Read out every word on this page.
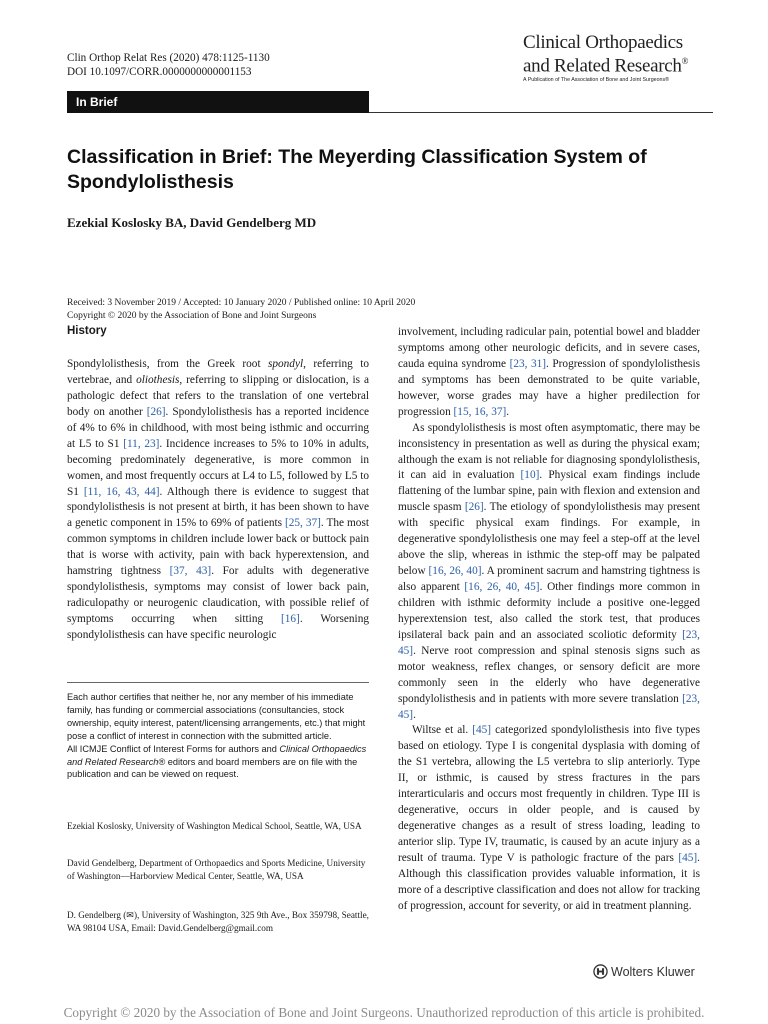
Clin Orthop Relat Res (2020) 478:1125-1130
DOI 10.1097/CORR.0000000000001153
Clinical Orthopaedics
and Related Research®
A Publication of The Association of Bone and Joint Surgeons®
In Brief
Classification in Brief: The Meyerding Classification System of Spondylolisthesis
Ezekial Koslosky BA, David Gendelberg MD
Received: 3 November 2019 / Accepted: 10 January 2020 / Published online: 10 April 2020
Copyright © 2020 by the Association of Bone and Joint Surgeons
History

Spondylolisthesis, from the Greek root spondyl, referring to vertebrae, and oliothesis, referring to slipping or dislocation, is a pathologic defect that refers to the translation of one vertebral body on another [26]. Spondylolisthesis has a reported incidence of 4% to 6% in childhood, with most being isthmic and occurring at L5 to S1 [11, 23]. Incidence increases to 5% to 10% in adults, becoming predominately degenerative, is more common in women, and most frequently occurs at L4 to L5, followed by L5 to S1 [11, 16, 43, 44]. Although there is evidence to suggest that spondylolisthesis is not present at birth, it has been shown to have a genetic component in 15% to 69% of patients [25, 37]. The most common symptoms in children include lower back or buttock pain that is worse with activity, pain with back hyperextension, and hamstring tightness [37, 43]. For adults with degenerative spondylolisthesis, symptoms may consist of lower back pain, radiculopathy or neurogenic claudication, with possible relief of symptoms occurring when sitting [16]. Worsening spondylolisthesis can have specific neurologic

Each author certifies that neither he, nor any member of his immediate family, has funding or commercial associations (consultancies, stock ownership, equity interest, patent/licensing arrangements, etc.) that might pose a conflict of interest in connection with the submitted article.
All ICMJE Conflict of Interest Forms for authors and Clinical Orthopaedics and Related Research® editors and board members are on file with the publication and can be viewed on request.
Ezekial Koslosky, University of Washington Medical School, Seattle, WA, USA
David Gendelberg, Department of Orthopaedics and Sports Medicine, University of Washington—Harborview Medical Center, Seattle, WA, USA
D. Gendelberg (✉), University of Washington, 325 9th Ave., Box 359798, Seattle, WA 98104 USA, Email: David.Gendelberg@gmail.com

involvement, including radicular pain, potential bowel and bladder symptoms among other neurologic deficits, and in severe cases, cauda equina syndrome [23, 31]. Progression of spondylolisthesis and symptoms has been demonstrated to be quite variable, however, worse grades may have a higher predilection for progression [15, 16, 37].

As spondylolisthesis is most often asymptomatic, there may be inconsistency in presentation as well as during the physical exam; although the exam is not reliable for diagnosing spondylolisthesis, it can aid in evaluation [10]. Physical exam findings include flattening of the lumbar spine, pain with flexion and extension and muscle spasm [26]. The etiology of spondylolisthesis may present with specific physical exam findings. For example, in degenerative spondylolisthesis one may feel a step-off at the level above the slip, whereas in isthmic the step-off may be palpated below [16, 26, 40]. A prominent sacrum and hamstring tightness is also apparent [16, 26, 40, 45]. Other findings more common in children with isthmic deformity include a positive one-legged hyperextension test, also called the stork test, that produces ipsilateral back pain and an associated scoliotic deformity [23, 45]. Nerve root compression and spinal stenosis signs such as motor weakness, reflex changes, or sensory deficit are more commonly seen in the elderly who have degenerative spondylolisthesis and in patients with more severe translation [23, 45].

Wiltse et al. [45] categorized spondylolisthesis into five types based on etiology. Type I is congenital dysplasia with doming of the S1 vertebra, allowing the L5 vertebra to slip anteriorly. Type II, or isthmic, is caused by stress fractures in the pars interarticularis and occurs most frequently in children. Type III is degenerative, occurs in older people, and is caused by degenerative changes as a result of stress loading, leading to anterior slip. Type IV, traumatic, is caused by an acute injury as a result of trauma. Type V is pathologic fracture of the pars [45]. Although this classification provides valuable information, it is more of a descriptive classification and does not allow for tracking of progression, account for severity, or aid in treatment planning.

Wolters Kluwer
Copyright © 2020 by the Association of Bone and Joint Surgeons. Unauthorized reproduction of this article is prohibited.
